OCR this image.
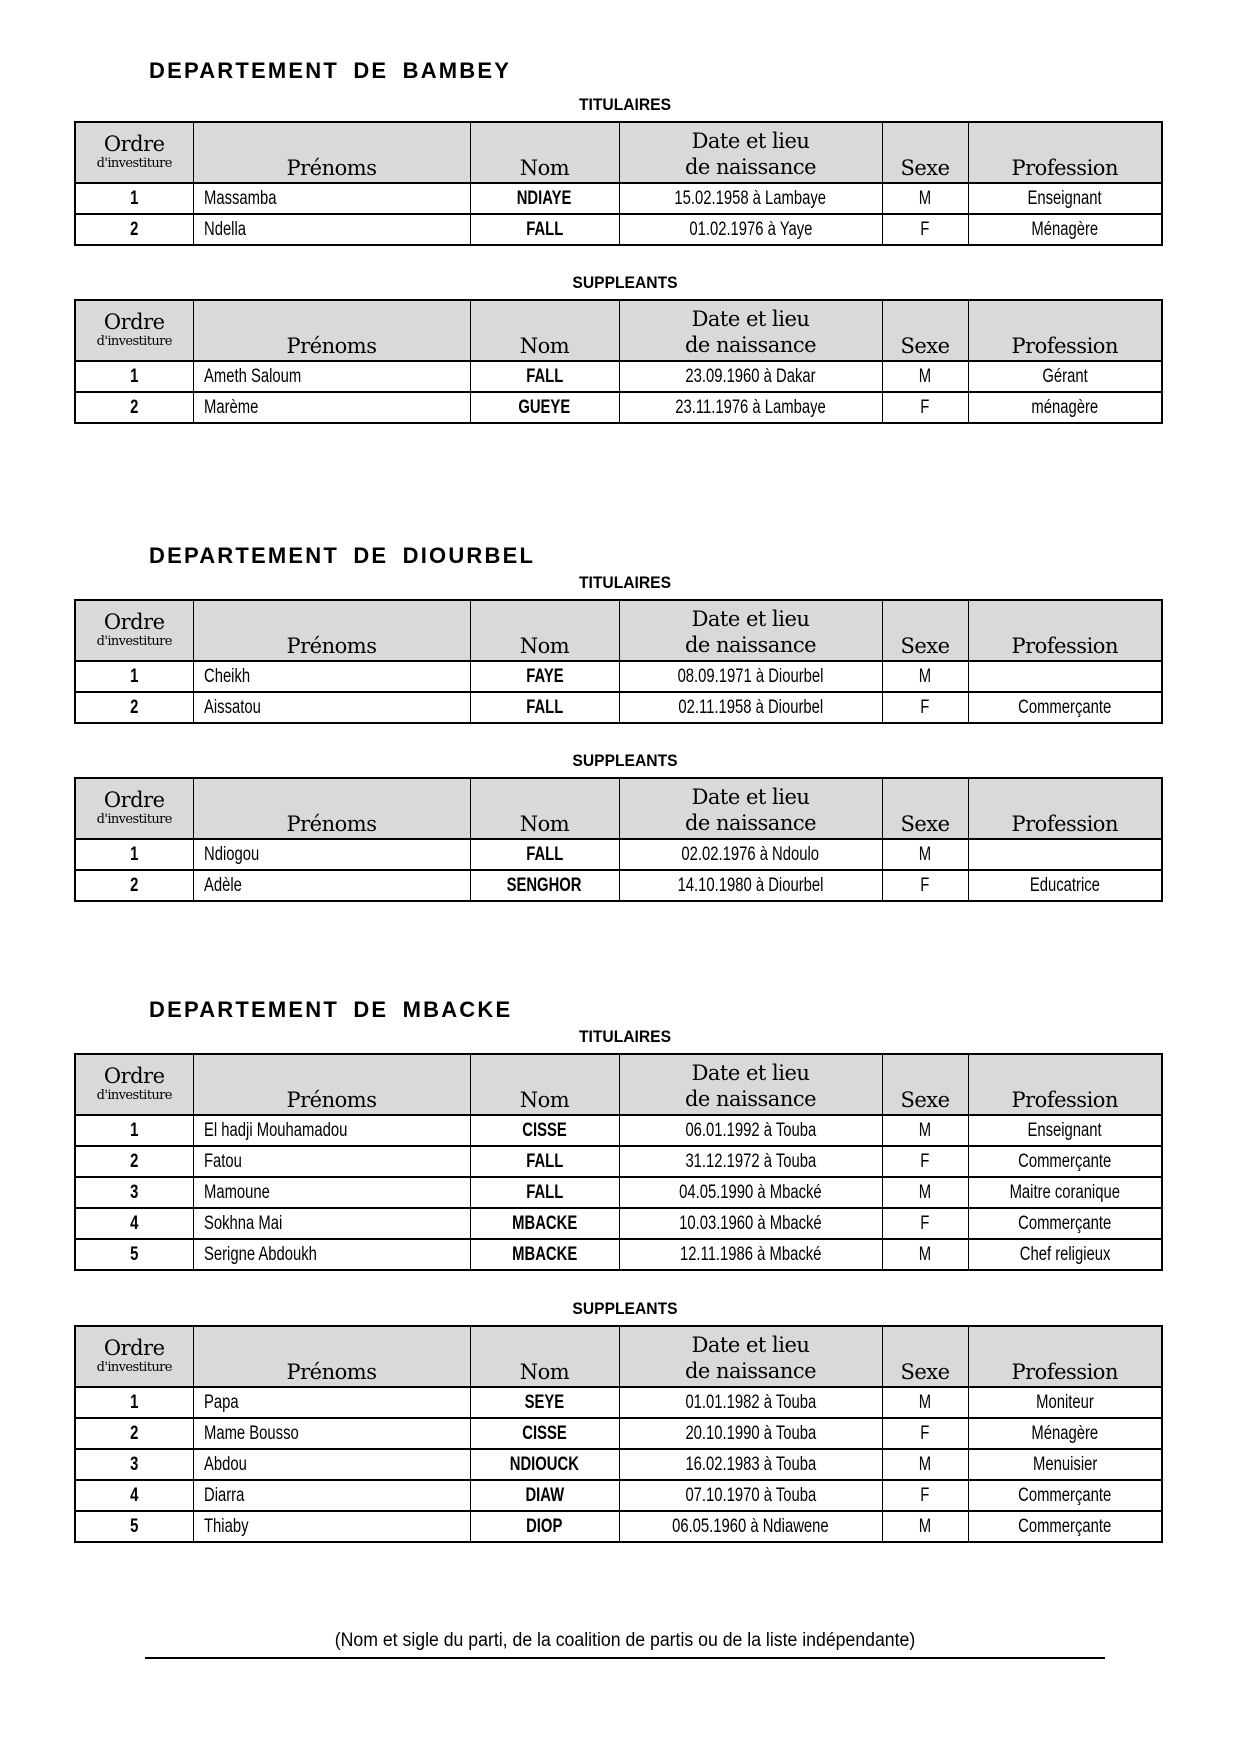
DEPARTEMENT DE BAMBEY
TITULAIRES
Ordre
d'investiture	Prénoms	Nom	Date et lieu
de naissance	Sexe	Profession
1	Massamba	NDIAYE	15.02.1958 à Lambaye	M	Enseignant
2	Ndella	FALL	01.02.1976 à Yaye	F	Ménagère
SUPPLEANTS
Ordre
d'investiture	Prénoms	Nom	Date et lieu
de naissance	Sexe	Profession
1	Ameth Saloum	FALL	23.09.1960 à Dakar	M	Gérant
2	Marème	GUEYE	23.11.1976 à Lambaye	F	ménagère
DEPARTEMENT DE DIOURBEL
TITULAIRES
Ordre
d'investiture	Prénoms	Nom	Date et lieu
de naissance	Sexe	Profession
1	Cheikh	FAYE	08.09.1971 à Diourbel	M	
2	Aissatou	FALL	02.11.1958 à Diourbel	F	Commerçante
SUPPLEANTS
Ordre
d'investiture	Prénoms	Nom	Date et lieu
de naissance	Sexe	Profession
1	Ndiogou	FALL	02.02.1976 à Ndoulo	M	
2	Adèle	SENGHOR	14.10.1980 à Diourbel	F	Educatrice
DEPARTEMENT DE MBACKE
TITULAIRES
Ordre
d'investiture	Prénoms	Nom	Date et lieu
de naissance	Sexe	Profession
1	El hadji Mouhamadou	CISSE	06.01.1992 à Touba	M	Enseignant
2	Fatou	FALL	31.12.1972 à Touba	F	Commerçante
3	Mamoune	FALL	04.05.1990 à Mbacké	M	Maitre coranique
4	Sokhna Mai	MBACKE	10.03.1960 à Mbacké	F	Commerçante
5	Serigne Abdoukh	MBACKE	12.11.1986 à Mbacké	M	Chef religieux
SUPPLEANTS
Ordre
d'investiture	Prénoms	Nom	Date et lieu
de naissance	Sexe	Profession
1	Papa	SEYE	01.01.1982 à Touba	M	Moniteur
2	Mame Bousso	CISSE	20.10.1990 à Touba	F	Ménagère
3	Abdou	NDIOUCK	16.02.1983 à Touba	M	Menuisier
4	Diarra	DIAW	07.10.1970 à Touba	F	Commerçante
5	Thiaby	DIOP	06.05.1960 à Ndiawene	M	Commerçante
(Nom et sigle du parti, de la coalition de partis ou de la liste indépendante)
